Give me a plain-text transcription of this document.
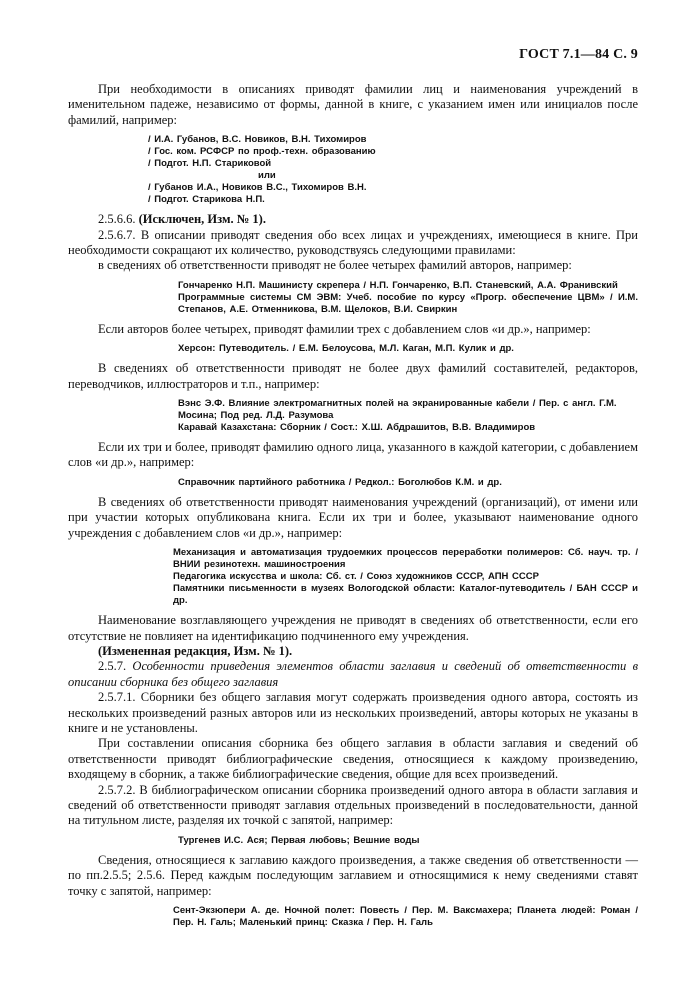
ГОСТ 7.1—84 С. 9

При необходимости в описаниях приводят фамилии лиц и наименования учреждений в именительном падеже, независимо от формы, данной в книге, с указанием имен или инициалов после фамилий, например:

/ И.А. Губанов, В.С. Новиков, В.Н. Тихомиров
/ Гос. ком. РСФСР по проф.-техн. образованию
/ Подгот. Н.П. Стариковой
или
/ Губанов И.А., Новиков В.С., Тихомиров В.Н.
/ Подгот. Старикова Н.П.

2.5.6.6. (Исключен, Изм. № 1).

2.5.6.7. В описании приводят сведения обо всех лицах и учреждениях, имеющиеся в книге. При необходимости сокращают их количество, руководствуясь следующими правилами:

в сведениях об ответственности приводят не более четырех фамилий авторов, например:

Гончаренко Н.П. Машинисту скрепера / Н.П. Гончаренко, В.П. Станевский, А.А. Франивский
Программные системы СМ ЭВМ: Учеб. пособие по курсу «Прогр. обеспечение ЦВМ» / И.М. Степанов, А.Е. Отменникова, В.М. Щелоков, В.И. Свиркин

Если авторов более четырех, приводят фамилии трех с добавлением слов «и др.», например:

Херсон: Путеводитель. / Е.М. Белоусова, М.Л. Каган, М.П. Кулик и др.

В сведениях об ответственности приводят не более двух фамилий составителей, редакторов, переводчиков, иллюстраторов и т.п., например:

Вэнс Э.Ф. Влияние электромагнитных полей на экранированные кабели / Пер. с англ. Г.М. Мосина; Под ред. Л.Д. Разумова
Каравай Казахстана: Сборник / Сост.: Х.Ш. Абдрашитов, В.В. Владимиров

Если их три и более, приводят фамилию одного лица, указанного в каждой категории, с добавлением слов «и др.», например:

Справочник партийного работника / Редкол.: Боголюбов К.М. и др.

В сведениях об ответственности приводят наименования учреждений (организаций), от имени или при участии которых опубликована книга. Если их три и более, указывают наименование одного учреждения с добавлением слов «и др.», например:

Механизация и автоматизация трудоемких процессов переработки полимеров: Сб. науч. тр. / ВНИИ резинотехн. машиностроения
Педагогика искусства и школа: Сб. ст. / Союз художников СССР, АПН СССР
Памятники письменности в музеях Вологодской области: Каталог-путеводитель / БАН СССР и др.

Наименование возглавляющего учреждения не приводят в сведениях об ответственности, если его отсутствие не повлияет на идентификацию подчиненного ему учреждения.

(Измененная редакция, Изм. № 1).

2.5.7. Особенности приведения элементов области заглавия и сведений об ответственности в описании сборника без общего заглавия

2.5.7.1. Сборники без общего заглавия могут содержать произведения одного автора, состоять из нескольких произведений разных авторов или из нескольких произведений, авторы которых не указаны в книге и не установлены.

При составлении описания сборника без общего заглавия в области заглавия и сведений об ответственности приводят библиографические сведения, относящиеся к каждому произведению, входящему в сборник, а также библиографические сведения, общие для всех произведений.

2.5.7.2. В библиографическом описании сборника произведений одного автора в области заглавия и сведений об ответственности приводят заглавия отдельных произведений в последовательности, данной на титульном листе, разделяя их точкой с запятой, например:

Тургенев И.С. Ася; Первая любовь; Вешние воды

Сведения, относящиеся к заглавию каждого произведения, а также сведения об ответственности — по пп.2.5.5; 2.5.6. Перед каждым последующим заглавием и относящимися к нему сведениями ставят точку с запятой, например:

Сент-Экзюпери А. де. Ночной полет: Повесть / Пер. М. Ваксмахера; Планета людей: Роман / Пер. Н. Галь; Маленький принц: Сказка / Пер. Н. Галь
